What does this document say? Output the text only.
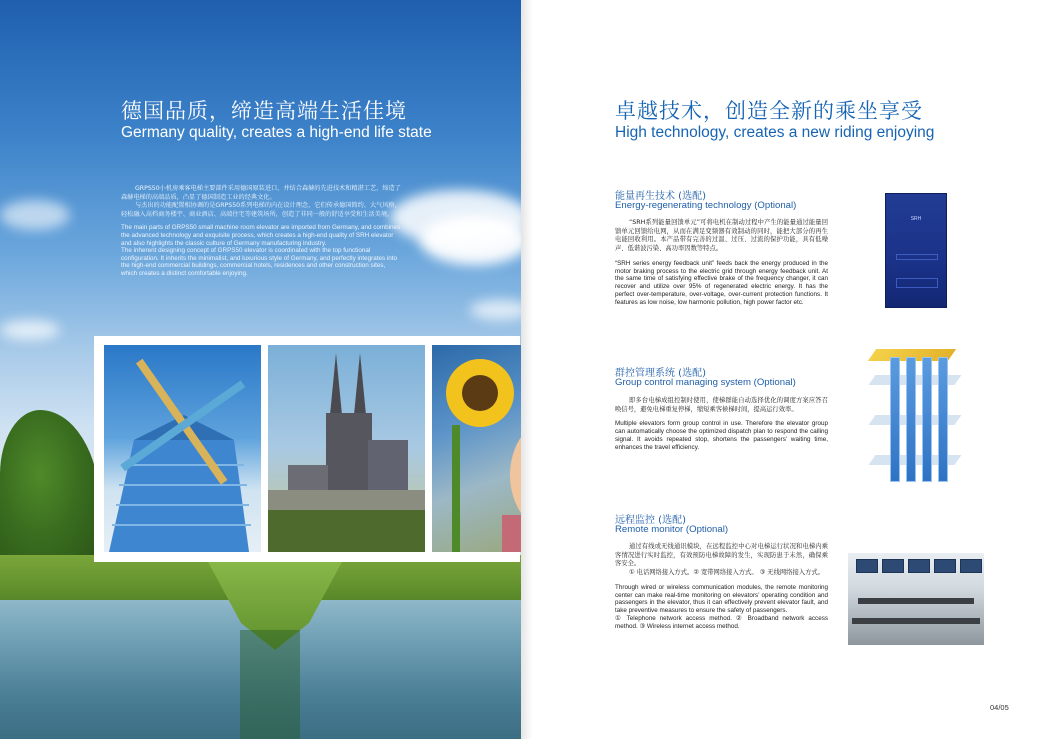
德国品质，缔造高端生活佳境
Germany quality, creates a high-end life state

GRPS50小机房乘客电梯主要部件采用德国原装进口，并结合森赫的先进技术和精湛工艺，缔造了森赫电梯的高端品质，凸显了德国制造工业的经典文化。

与杰出的功能配置相协调的是GRPS50系列电梯的内在设计理念，它们传承德国简约、大气风格，轻松融入高档商务楼宇、商业酒店、高端住宅等建筑场所，创造了非同一般的舒适享受和生活美境。

The main parts of GRPS50 small machine room elevator are imported from Germany, and combines the advanced technology and exquisite process, which creates a high-end quality of SRH elevator and also highlights the classic culture of Germany manufacturing industry.

The inherent designing concept of GRPS50 elevator is coordinated with the top functional configuration. It inherits the minimalist, and luxurious style of Germany, and perfectly integrates into the high-end commercial buildings, commercial hotels, residences and other construction sites, which creates a distinct comfortable enjoying.

卓越技术，创造全新的乘坐享受
High technology, creates a new riding enjoying
能量再生技术 (选配)
Energy-regenerating technology (Optional)

“SRH系列能量回馈单元”可将电机在制动过程中产生的能量通过能量回馈单元回馈给电网，从而在满足变频器有效制动的同时，能把大部分的再生电能回收利用。本产品带有完善的过温、过压、过流的保护功能，具有低噪声、低谐波污染、高功率因数等特点。

“SRH series energy feedback unit” feeds back the energy produced in the motor braking process to the electric grid through energy feedback unit. At the same time of satisfying effective brake of the frequency changer, it can recover and utilize over 95% of regenerated electric energy. It has the perfect over-temperature, over-voltage, over-current protection functions. It features as low noise, low harmonic pollution, high power factor etc.

SRH
群控管理系统 (选配)
Group control managing system (Optional)

即多台电梯成组控制时使用，使梯群能自动选择优化的调度方案应答召唤信号，避免电梯重复停梯，缩短乘客候梯时间，提高运行效率。

Multiple elevators form group control in use. Therefore the elevator group can automatically choose the optimized dispatch plan to respond the calling signal. It avoids repeated stop, shortens the passengers’ waiting time, enhances the travel efficiency.

远程监控 (选配)
Remote monitor (Optional)

通过有线或无线通讯模块，在远程监控中心对电梯运行状况和电梯内乘客情况进行实时监控，有效预防电梯故障的发生，实现防患于未然，确保乘客安全。

① 电话网络接入方式。② 宽带网络接入方式。 ③ 无线网络接入方式。

Through wired or wireless communication modules, the remote monitoring center can make real-time monitoring on elevators’ operating condition and passengers in the elevator, thus it can effectively prevent elevator fault, and take preventive measures to ensure the safety of passengers.

① Telephone network access method. ② Broadband network access method. ③ Wireless internet access method.

04/05
